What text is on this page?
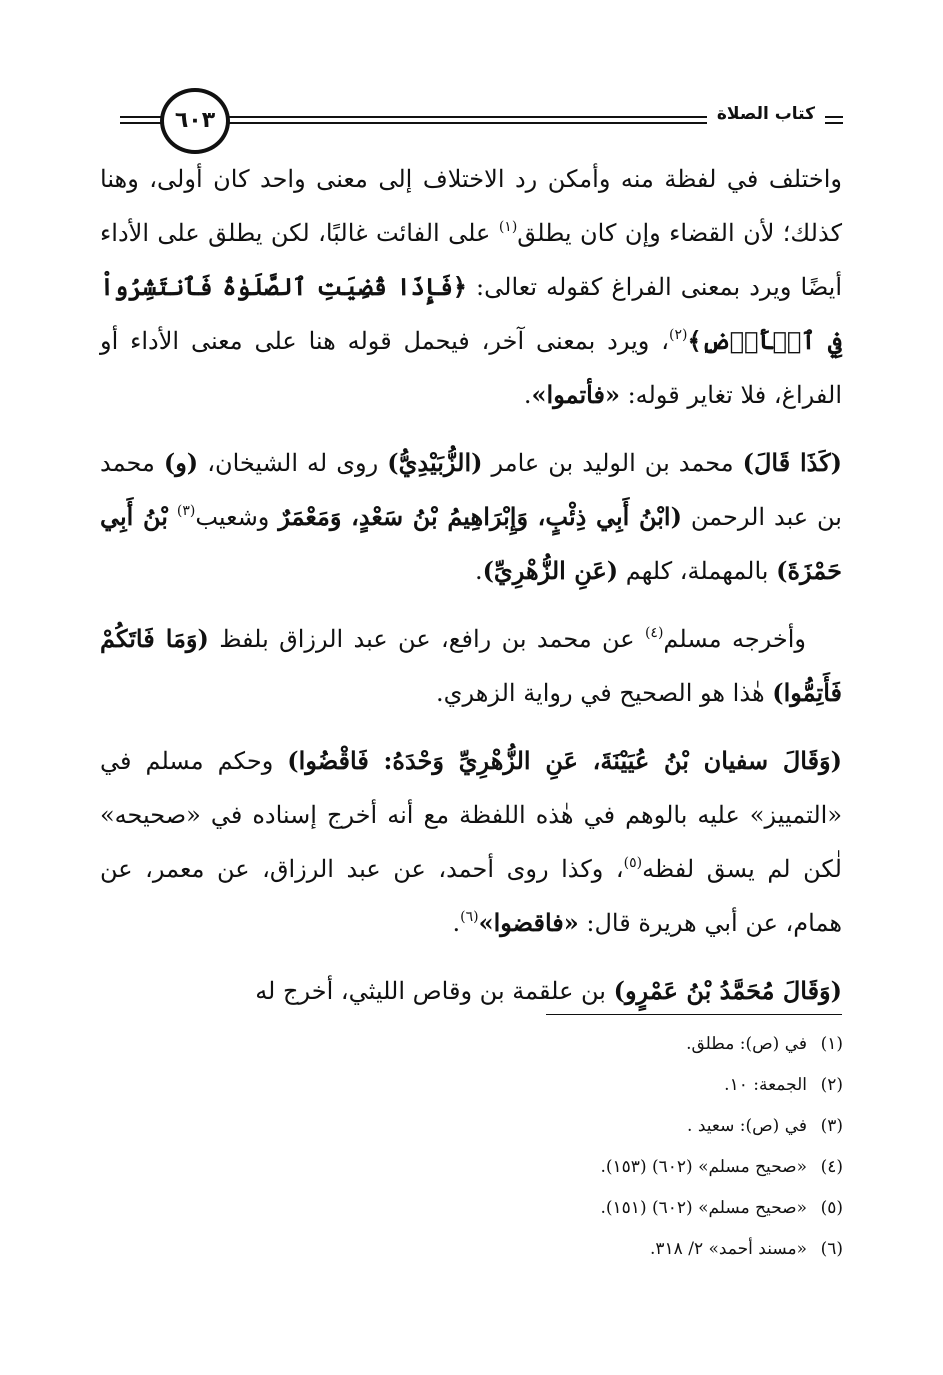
كتاب الصلاة
٦٠٣

واختلف في لفظة منه وأمكن رد الاختلاف إلى معنى واحد كان أولى، وهنا كذلك؛ لأن القضاء وإن كان يطلق$^{(١)}$ على الفائت غالبًا، لكن يطلق على الأداء أيضًا ويرد بمعنى الفراغ كقوله تعالى: ﴿فَإِذَا قُضِيَتِ ٱلصَّلَوٰةُ فَٱنتَشِرُواْ فِي ٱلۡأَرۡضِ﴾$^{(٢)}$، ويرد بمعنى آخر، فيحمل قوله هنا على معنى الأداء أو الفراغ، فلا تغاير قوله: «فأتموا».

(كَذَا قَالَ) محمد بن الوليد بن عامر (الزُّبَيْدِيُّ) روى له الشيخان، (و) محمد بن عبد الرحمن (ابْنُ أَبِي ذِئْبٍ، وَإِبْرَاهِيمُ بْنُ سَعْدٍ، وَمَعْمَرٌ وشعيب$^{(٣)}$ بْنُ أَبِي حَمْزَةَ) بالمهملة، كلهم (عَنِ الزُّهْرِيِّ).

وأخرجه مسلم$^{(٤)}$ عن محمد بن رافع، عن عبد الرزاق بلفظ (وَمَا فَاتَكُمْ فَأَتِمُّوا) هٰذا هو الصحيح في رواية الزهري.

(وَقَالَ سفيان بْنُ عُيَيْنَةَ، عَنِ الزُّهْرِيِّ وَحْدَهُ: فَاقْضُوا) وحكم مسلم في «التمييز» عليه بالوهم في هٰذه اللفظة مع أنه أخرج إسناده في «صحيحه» لٰكن لم يسق لفظه$^{(٥)}$، وكذا روى أحمد، عن عبد الرزاق، عن معمر، عن همام، عن أبي هريرة قال: «فاقضوا»$^{(٦)}$.

(وَقَالَ مُحَمَّدُ بْنُ عَمْرٍو) بن علقمة بن وقاص الليثي، أخرج له

(١)في (ص): مطلق.
(٢)الجمعة: ١٠.
(٣)في (ص): سعيد .
(٤)«صحيح مسلم» (٦٠٢) (١٥٣).
(٥)«صحيح مسلم» (٦٠٢) (١٥١).
(٦)«مسند أحمد» ٢/ ٣١٨.
